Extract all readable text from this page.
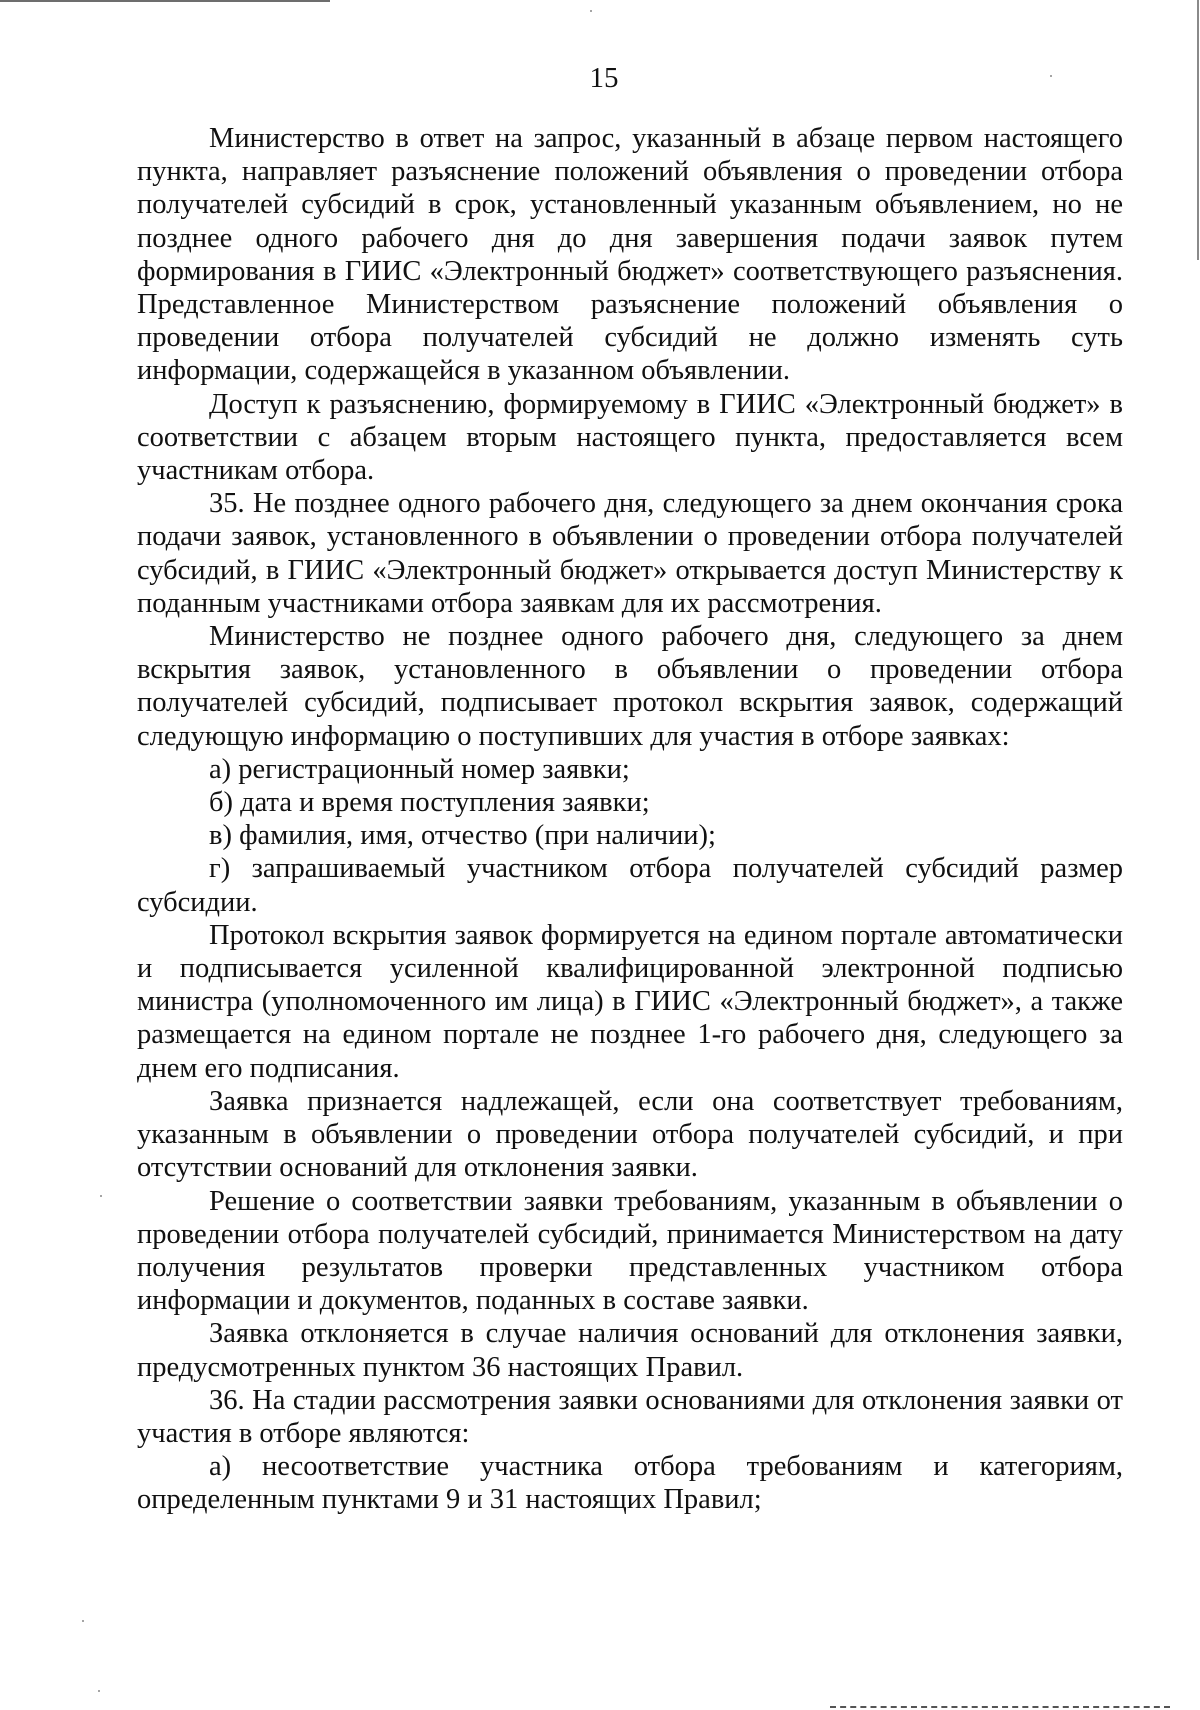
15

Министерство в ответ на запрос, указанный в абзаце первом настоящего пункта, направляет разъяснение положений объявления о проведении отбора получателей субсидий в срок, установленный указанным объявлением, но не позднее одного рабочего дня до дня завершения подачи заявок путем формирования в ГИИС «Электронный бюджет» соответствующего разъяснения. Представленное Министерством разъяснение положений объявления о проведении отбора получателей субсидий не должно изменять суть информации, содержащейся в указанном объявлении.

Доступ к разъяснению, формируемому в ГИИС «Электронный бюджет» в соответствии с абзацем вторым настоящего пункта, предоставляется всем участникам отбора.

35. Не позднее одного рабочего дня, следующего за днем окончания срока подачи заявок, установленного в объявлении о проведении отбора получателей субсидий, в ГИИС «Электронный бюджет» открывается доступ Министерству к поданным участниками отбора заявкам для их рассмотрения.

Министерство не позднее одного рабочего дня, следующего за днем вскрытия заявок, установленного в объявлении о проведении отбора получателей субсидий, подписывает протокол вскрытия заявок, содержащий следующую информацию о поступивших для участия в отборе заявках:

а) регистрационный номер заявки;

б) дата и время поступления заявки;

в) фамилия, имя, отчество (при наличии);

г) запрашиваемый участником отбора получателей субсидий размер субсидии.

Протокол вскрытия заявок формируется на едином портале автоматически и подписывается усиленной квалифицированной электронной подписью министра (уполномоченного им лица) в ГИИС «Электронный бюджет», а также размещается на едином портале не позднее 1-го рабочего дня, следующего за днем его подписания.

Заявка признается надлежащей, если она соответствует требованиям, указанным в объявлении о проведении отбора получателей субсидий, и при отсутствии оснований для отклонения заявки.

Решение о соответствии заявки требованиям, указанным в объявлении о проведении отбора получателей субсидий, принимается Министерством на дату получения результатов проверки представленных участником отбора информации и документов, поданных в составе заявки.

Заявка отклоняется в случае наличия оснований для отклонения заявки, предусмотренных пунктом 36 настоящих Правил.

36. На стадии рассмотрения заявки основаниями для отклонения заявки от участия в отборе являются:

а) несоответствие участника отбора требованиям и категориям, определенным пунктами 9 и 31 настоящих Правил;
